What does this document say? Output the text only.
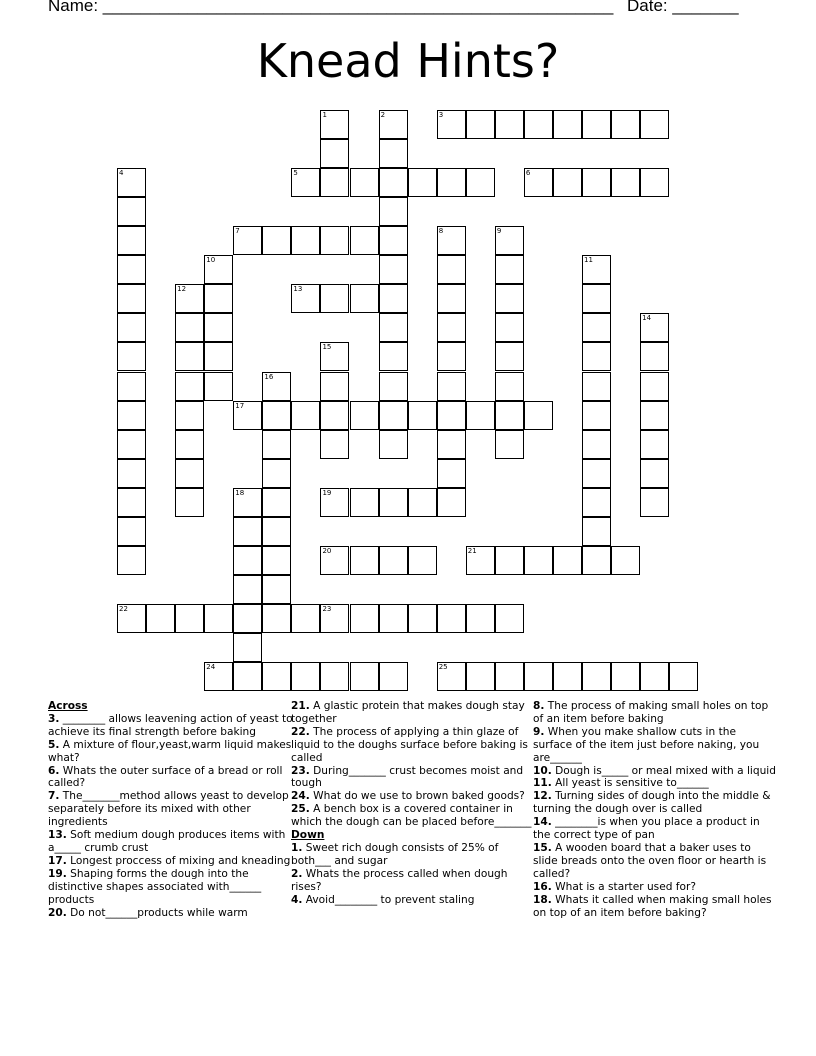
Name: ______________________________________________________ Date: _______
Knead Hints?
1	2	3
4	5	6
7	8	9
10	11
12	13
14
15
16
17
18	19
20	21
22	23
24	25

Across

3. ________ allows leavening action of yeast to achieve its final strength before baking

5. A mixture of flour,yeast,warm liquid makes what?

6. Whats the outer surface of a bread or roll called?

7. The_______method allows yeast to develop separately before its mixed with other ingredients

13. Soft medium dough produces items with a_____ crumb crust

17. Longest proccess of mixing and kneading

19. Shaping forms the dough into the distinctive shapes associated with______ products

20. Do not______products while warm

21. A glastic protein that makes dough stay together

22. The process of applying a thin glaze of liquid to the doughs surface before baking is called

23. During_______ crust becomes moist and tough

24. What do we use to brown baked goods?

25. A bench box is a covered container in which the dough can be placed before_______

Down

1. Sweet rich dough consists of 25% of both___ and sugar

2. Whats the process called when dough rises?

4. Avoid________ to prevent staling

8. The process of making small holes on top of an item before baking

9. When you make shallow cuts in the surface of the item just before naking, you are______

10. Dough is_____ or meal mixed with a liquid

11. All yeast is sensitive to______

12. Turning sides of dough into the middle & turning the dough over is called

14. ________is when you place a product in the correct type of pan

15. A wooden board that a baker uses to slide breads onto the oven floor or hearth is called?

16. What is a starter used for?

18. Whats it called when making small holes on top of an item before baking?
